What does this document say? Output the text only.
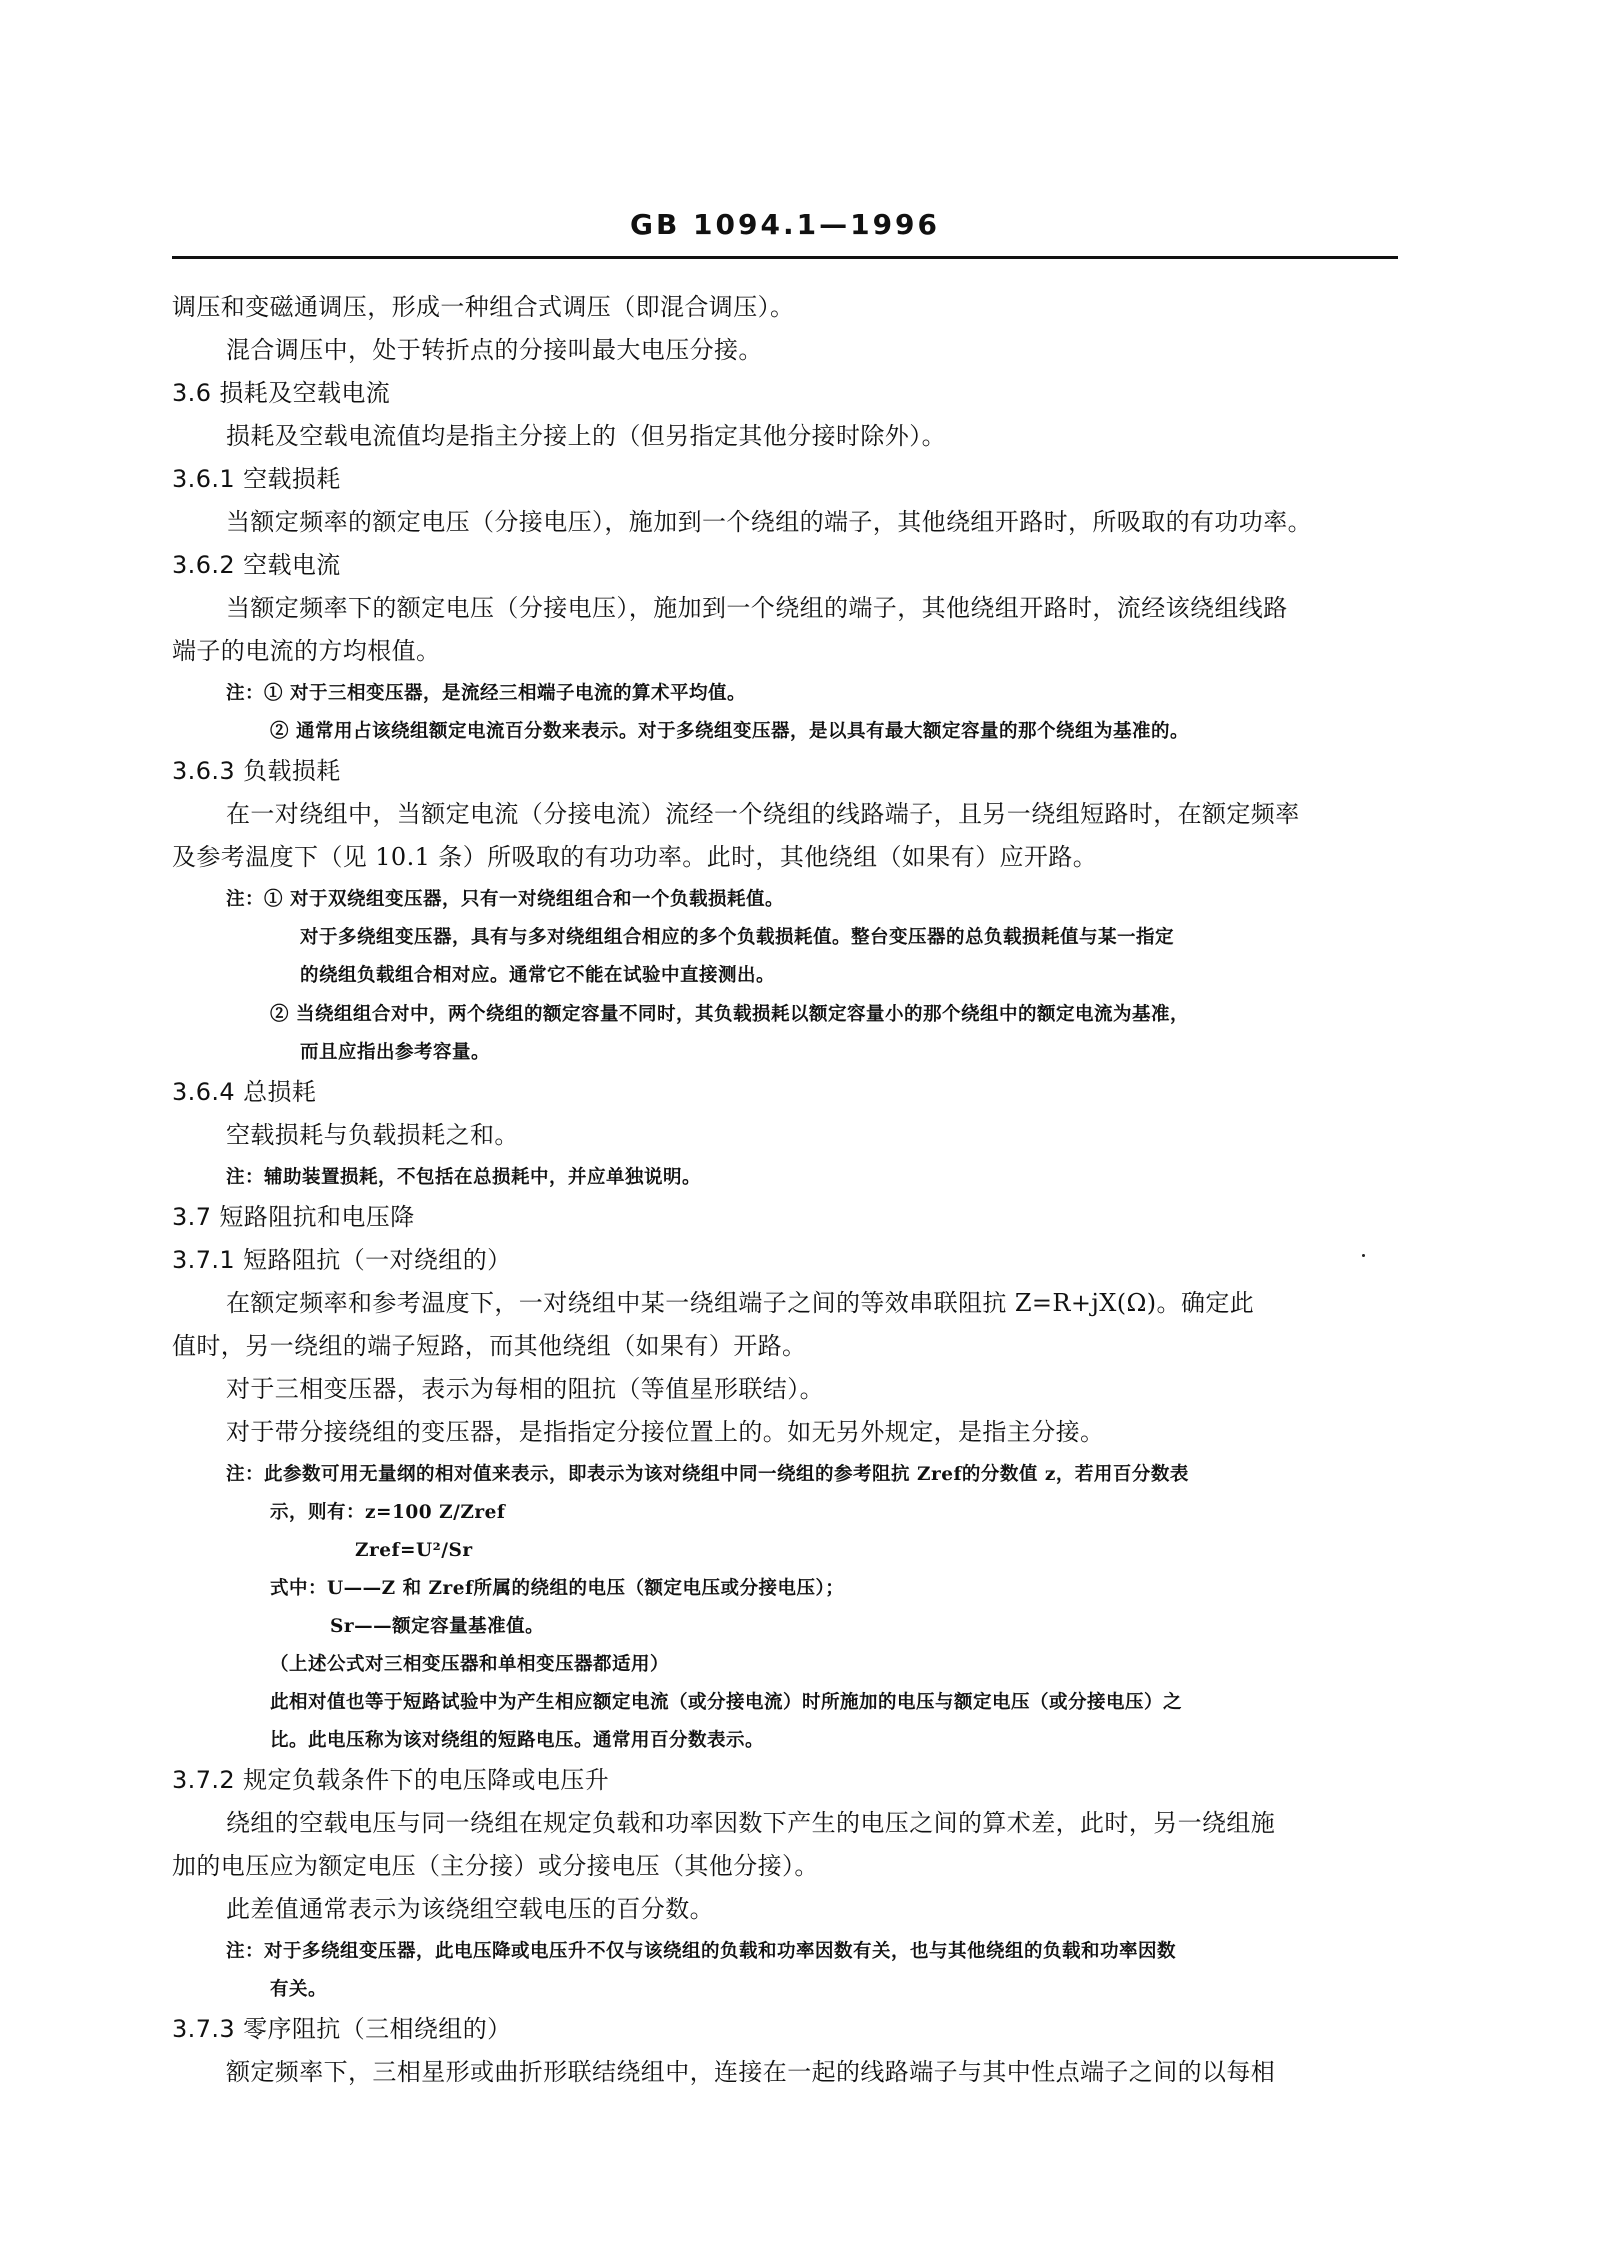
GB 1094.1—1996
调压和变磁通调压，形成一种组合式调压（即混合调压）。
混合调压中，处于转折点的分接叫最大电压分接。
3.6 损耗及空载电流
损耗及空载电流值均是指主分接上的（但另指定其他分接时除外）。
3.6.1 空载损耗
当额定频率的额定电压（分接电压），施加到一个绕组的端子，其他绕组开路时，所吸取的有功功率。
3.6.2 空载电流
当额定频率下的额定电压（分接电压），施加到一个绕组的端子，其他绕组开路时，流经该绕组线路
端子的电流的方均根值。
注：① 对于三相变压器，是流经三相端子电流的算术平均值。
② 通常用占该绕组额定电流百分数来表示。对于多绕组变压器，是以具有最大额定容量的那个绕组为基准的。
3.6.3 负载损耗
在一对绕组中，当额定电流（分接电流）流经一个绕组的线路端子，且另一绕组短路时，在额定频率
及参考温度下（见 10.1 条）所吸取的有功功率。此时，其他绕组（如果有）应开路。
注：① 对于双绕组变压器，只有一对绕组组合和一个负载损耗值。
对于多绕组变压器，具有与多对绕组组合相应的多个负载损耗值。整台变压器的总负载损耗值与某一指定
的绕组负载组合相对应。通常它不能在试验中直接测出。
② 当绕组组合对中，两个绕组的额定容量不同时，其负载损耗以额定容量小的那个绕组中的额定电流为基准，
而且应指出参考容量。
3.6.4 总损耗
空载损耗与负载损耗之和。
注：辅助装置损耗，不包括在总损耗中，并应单独说明。
3.7 短路阻抗和电压降
3.7.1 短路阻抗（一对绕组的）
在额定频率和参考温度下，一对绕组中某一绕组端子之间的等效串联阻抗 Z=R+jX(Ω)。确定此
值时，另一绕组的端子短路，而其他绕组（如果有）开路。
对于三相变压器，表示为每相的阻抗（等值星形联结）。
对于带分接绕组的变压器，是指指定分接位置上的。如无另外规定，是指主分接。
注：此参数可用无量纲的相对值来表示，即表示为该对绕组中同一绕组的参考阻抗 Zref的分数值 z，若用百分数表
示，则有：z=100 Z/Zref
Zref=U²/Sr
式中：U——Z 和 Zref所属的绕组的电压（额定电压或分接电压）；
Sr——额定容量基准值。
（上述公式对三相变压器和单相变压器都适用）
此相对值也等于短路试验中为产生相应额定电流（或分接电流）时所施加的电压与额定电压（或分接电压）之
比。此电压称为该对绕组的短路电压。通常用百分数表示。
3.7.2 规定负载条件下的电压降或电压升
绕组的空载电压与同一绕组在规定负载和功率因数下产生的电压之间的算术差，此时，另一绕组施
加的电压应为额定电压（主分接）或分接电压（其他分接）。
此差值通常表示为该绕组空载电压的百分数。
注：对于多绕组变压器，此电压降或电压升不仅与该绕组的负载和功率因数有关，也与其他绕组的负载和功率因数
有关。
3.7.3 零序阻抗（三相绕组的）
额定频率下，三相星形或曲折形联结绕组中，连接在一起的线路端子与其中性点端子之间的以每相
